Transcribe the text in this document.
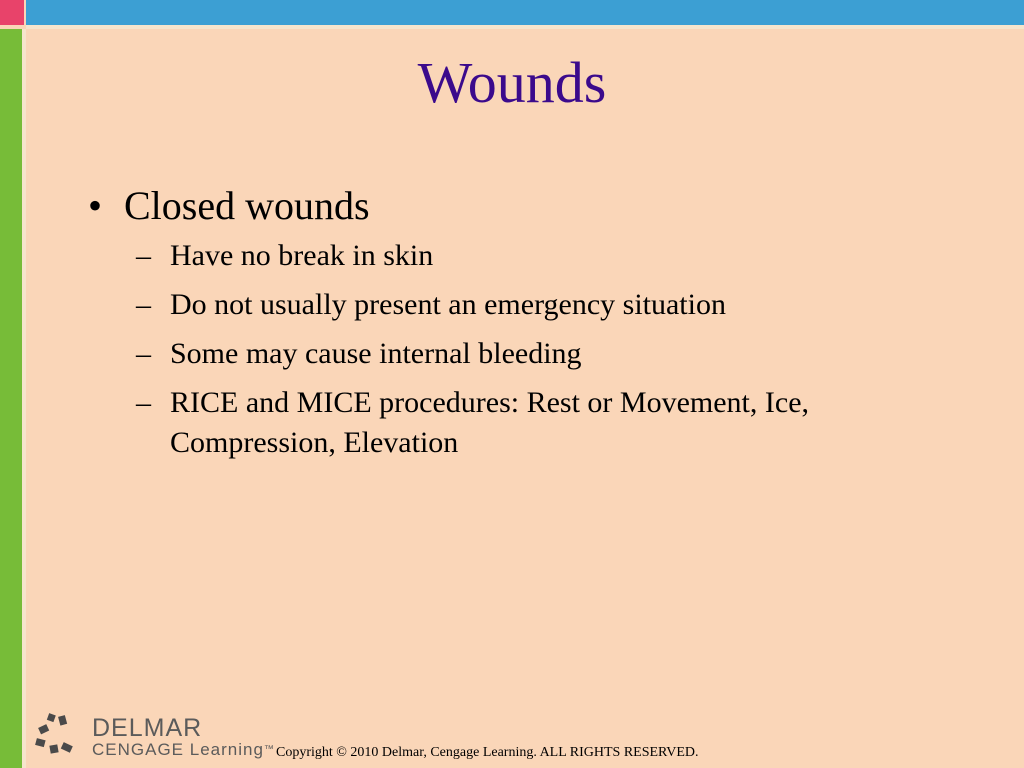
Wounds
• Closed wounds
– Have no break in skin
– Do not usually present an emergency situation
– Some may cause internal bleeding
– RICE and MICE procedures: Rest or Movement, Ice, Compression, Elevation
DELMAR
CENGAGE Learning™ Copyright © 2010 Delmar, Cengage Learning. ALL RIGHTS RESERVED.
